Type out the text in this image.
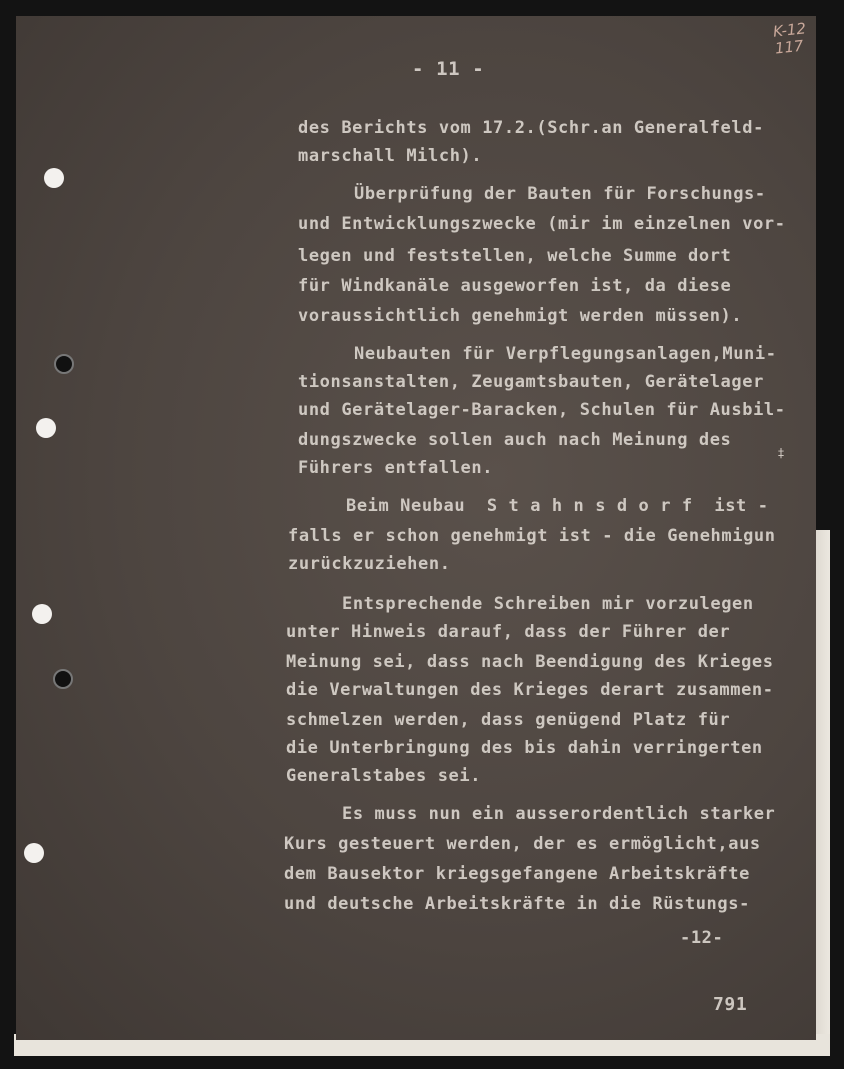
K-12
117
- 11 -
des Berichts vom 17.2.(Schr.an Generalfeld-
marschall Milch).
Überprüfung der Bauten für Forschungs-
und Entwicklungszwecke (mir im einzelnen vor-
legen und feststellen, welche Summe dort
für Windkanäle ausgeworfen ist, da diese
voraussichtlich genehmigt werden müssen).
Neubauten für Verpflegungsanlagen,Muni-
tionsanstalten, Zeugamtsbauten, Gerätelager
und Gerätelager-Baracken, Schulen für Ausbil-
dungszwecke sollen auch nach Meinung des
Führers entfallen.
‡
Beim Neubau  S t a h n s d o r f  ist -
falls er schon genehmigt ist - die Genehmigun
zurückzuziehen.
Entsprechende Schreiben mir vorzulegen
unter Hinweis darauf, dass der Führer der
Meinung sei, dass nach Beendigung des Krieges
die Verwaltungen des Krieges derart zusammen-
schmelzen werden, dass genügend Platz für
die Unterbringung des bis dahin verringerten
Generalstabes sei.
Es muss nun ein ausserordentlich starker
Kurs gesteuert werden, der es ermöglicht,aus
dem Bausektor kriegsgefangene Arbeitskräfte
und deutsche Arbeitskräfte in die Rüstungs-
-12-
791
